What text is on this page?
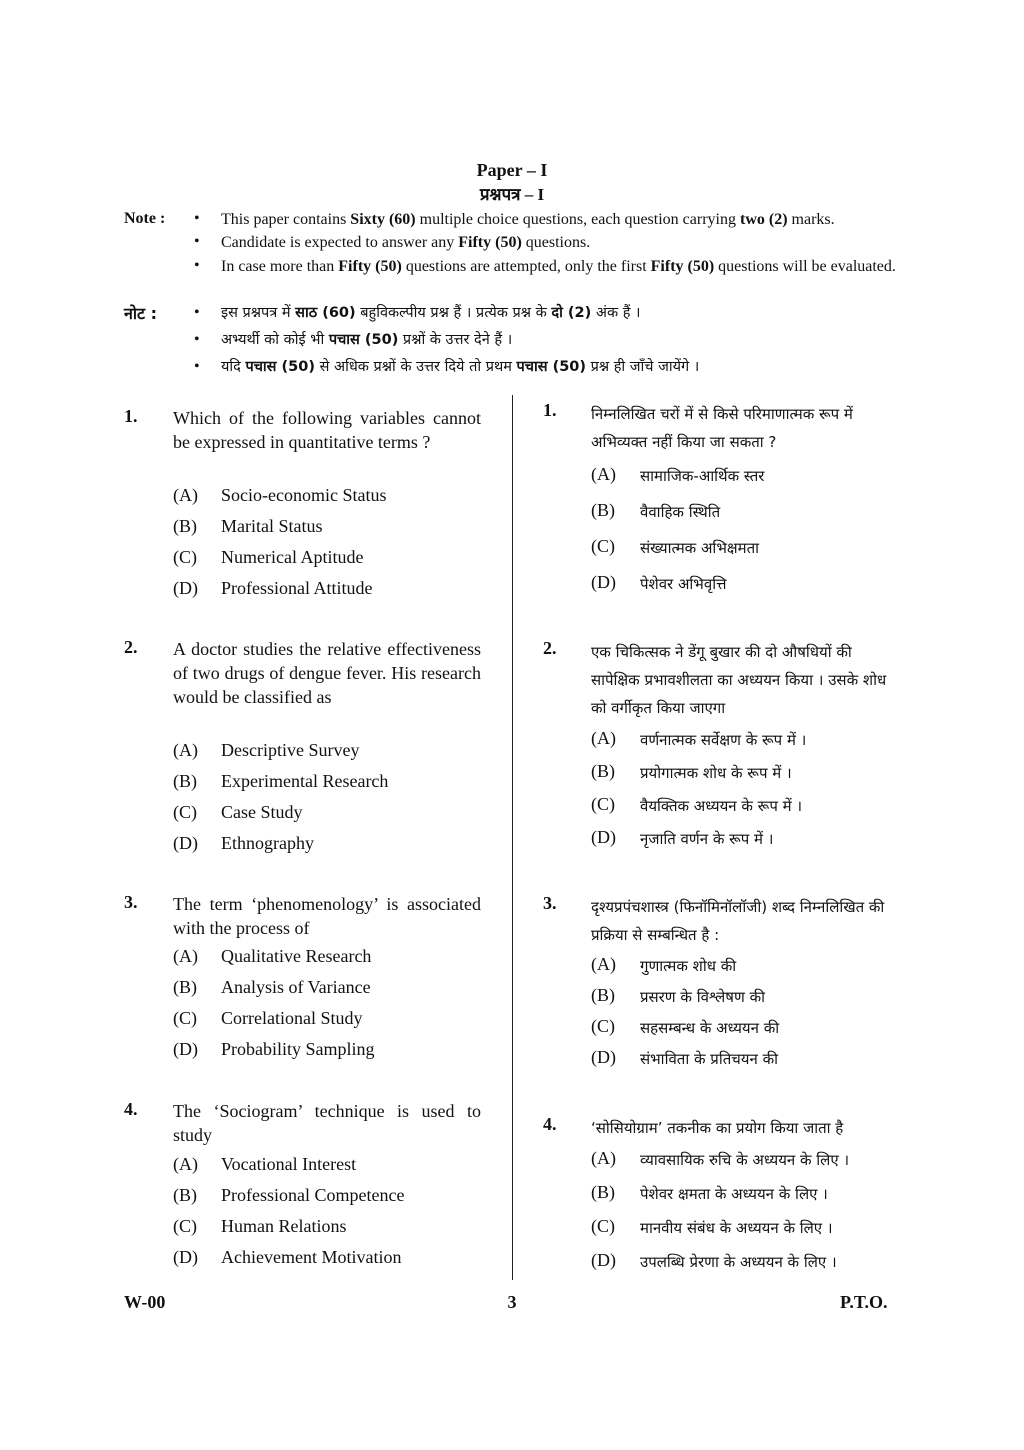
Paper – I
प्रश्नपत्र – I
Note : • This paper contains Sixty (60) multiple choice questions, each question carrying two (2) marks.
• Candidate is expected to answer any Fifty (50) questions.
• In case more than Fifty (50) questions are attempted, only the first Fifty (50) questions will be evaluated.
नोट : • इस प्रश्नपत्र में साठ (60) बहुविकल्पीय प्रश्न हैं । प्रत्येक प्रश्न के दो (2) अंक हैं ।
• अभ्यर्थी को कोई भी पचास (50) प्रश्नों के उत्तर देने हैं ।
• यदि पचास (50) से अधिक प्रश्नों के उत्तर दिये तो प्रथम पचास (50) प्रश्न ही जाँचे जायेंगे ।
1. Which of the following variables cannot be expressed in quantitative terms ?
(A) Socio-economic Status
(B) Marital Status
(C) Numerical Aptitude
(D) Professional Attitude
2. A doctor studies the relative effectiveness of two drugs of dengue fever. His research would be classified as
(A) Descriptive Survey
(B) Experimental Research
(C) Case Study
(D) Ethnography
3. The term ‘phenomenology’ is associated with the process of
(A) Qualitative Research
(B) Analysis of Variance
(C) Correlational Study
(D) Probability Sampling
4. The ‘Sociogram’ technique is used to study
(A) Vocational Interest
(B) Professional Competence
(C) Human Relations
(D) Achievement Motivation
1. निम्नलिखित चरों में से किसे परिमाणात्मक रूप में अभिव्यक्त नहीं किया जा सकता ?
(A) सामाजिक-आर्थिक स्तर
(B) वैवाहिक स्थिति
(C) संख्यात्मक अभिक्षमता
(D) पेशेवर अभिवृत्ति
2. एक चिकित्सक ने डेंगू बुखार की दो औषधियों की सापेक्षिक प्रभावशीलता का अध्ययन किया । उसके शोध को वर्गीकृत किया जाएगा
(A) वर्णनात्मक सर्वेक्षण के रूप में ।
(B) प्रयोगात्मक शोध के रूप में ।
(C) वैयक्तिक अध्ययन के रूप में ।
(D) नृजाति वर्णन के रूप में ।
3. दृश्यप्रपंचशास्त्र (फिनॉमिनॉलॉजी) शब्द निम्नलिखित की प्रक्रिया से सम्बन्धित है :
(A) गुणात्मक शोध की
(B) प्रसरण के विश्लेषण की
(C) सहसम्बन्ध के अध्ययन की
(D) संभाविता के प्रतिचयन की
4. ‘सोसियोग्राम’ तकनीक का प्रयोग किया जाता है
(A) व्यावसायिक रुचि के अध्ययन के लिए ।
(B) पेशेवर क्षमता के अध्ययन के लिए ।
(C) मानवीय संबंध के अध्ययन के लिए ।
(D) उपलब्धि प्रेरणा के अध्ययन के लिए ।
W-00	3	P.T.O.
